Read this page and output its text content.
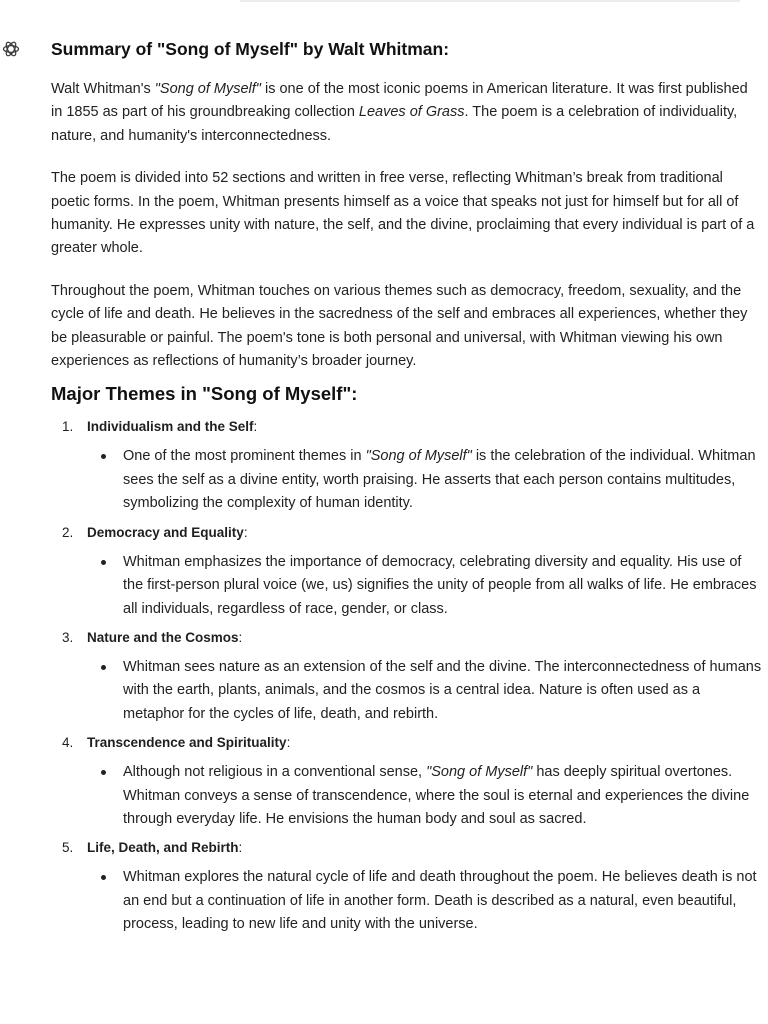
Summary of "Song of Myself" by Walt Whitman:

Walt Whitman's "Song of Myself" is one of the most iconic poems in American literature. It was first published in 1855 as part of his groundbreaking collection Leaves of Grass. The poem is a celebration of individuality, nature, and humanity's interconnectedness.

The poem is divided into 52 sections and written in free verse, reflecting Whitman’s break from traditional poetic forms. In the poem, Whitman presents himself as a voice that speaks not just for himself but for all of humanity. He expresses unity with nature, the self, and the divine, proclaiming that every individual is part of a greater whole.

Throughout the poem, Whitman touches on various themes such as democracy, freedom, sexuality, and the cycle of life and death. He believes in the sacredness of the self and embraces all experiences, whether they be pleasurable or painful. The poem's tone is both personal and universal, with Whitman viewing his own experiences as reflections of humanity’s broader journey.

Major Themes in "Song of Myself":
1. Individualism and the Self:
One of the most prominent themes in "Song of Myself" is the celebration of the individual. Whitman sees the self as a divine entity, worth praising. He asserts that each person contains multitudes, symbolizing the complexity of human identity.
2. Democracy and Equality:
Whitman emphasizes the importance of democracy, celebrating diversity and equality. His use of the first-person plural voice (we, us) signifies the unity of people from all walks of life. He embraces all individuals, regardless of race, gender, or class.
3. Nature and the Cosmos:
Whitman sees nature as an extension of the self and the divine. The interconnectedness of humans with the earth, plants, animals, and the cosmos is a central idea. Nature is often used as a metaphor for the cycles of life, death, and rebirth.
4. Transcendence and Spirituality:
Although not religious in a conventional sense, "Song of Myself" has deeply spiritual overtones. Whitman conveys a sense of transcendence, where the soul is eternal and experiences the divine through everyday life. He envisions the human body and soul as sacred.
5. Life, Death, and Rebirth:
Whitman explores the natural cycle of life and death throughout the poem. He believes death is not an end but a continuation of life in another form. Death is described as a natural, even beautiful, process, leading to new life and unity with the universe.
